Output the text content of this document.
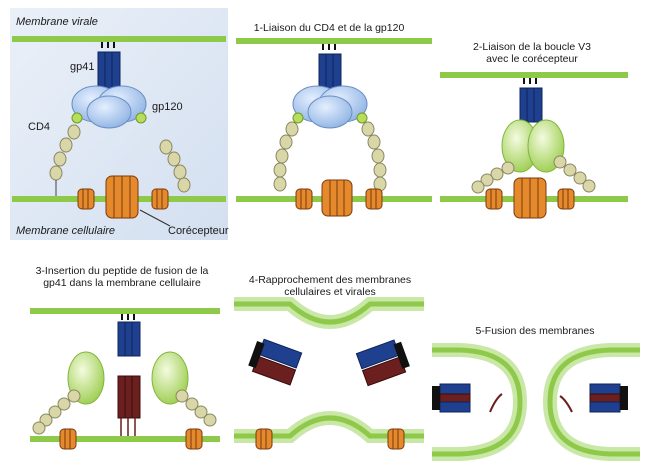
Membrane virale
gp41
gp120
CD4
Membrane cellulaire	Corécepteur
1-Liaison du CD4 et de la gp120
2-Liaison de la boucle V3
avec le corécepteur
3-Insertion du peptide de fusion de la
gp41 dans la membrane cellulaire	4-Rapprochement des membranes
cellulaires et virales
5-Fusion des membranes
